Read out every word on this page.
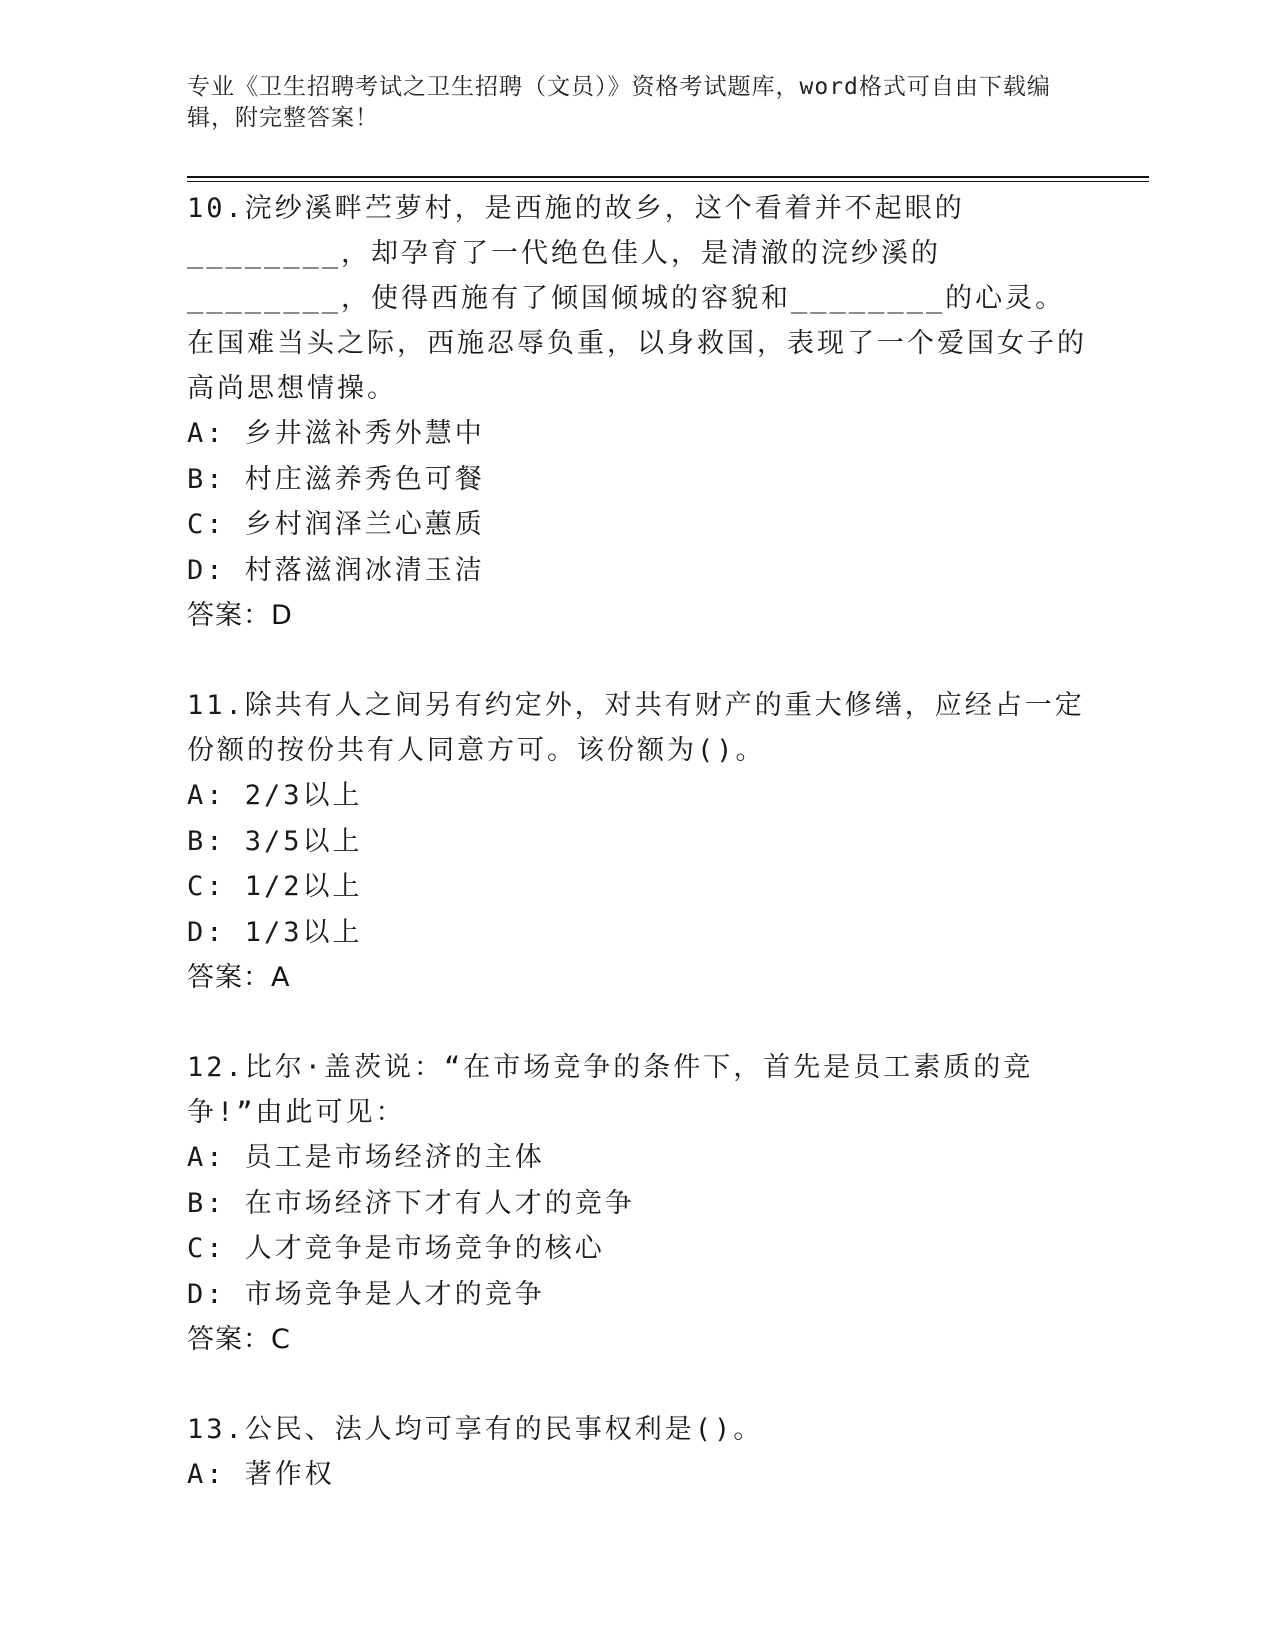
专业《卫生招聘考试之卫生招聘（文员）》资格考试题库，word格式可自由下载编辑，附完整答案！
10.浣纱溪畔苎萝村，是西施的故乡，这个看着并不起眼的________，却孕育了一代绝色佳人，是清澈的浣纱溪的________，使得西施有了倾国倾城的容貌和________的心灵。在国难当头之际，西施忍辱负重，以身救国，表现了一个爱国女子的高尚思想情操。
A: 乡井滋补秀外慧中
B: 村庄滋养秀色可餐
C: 乡村润泽兰心蕙质
D: 村落滋润冰清玉洁
答案：D
11.除共有人之间另有约定外，对共有财产的重大修缮，应经占一定份额的按份共有人同意方可。该份额为()。
A: 2/3以上
B: 3/5以上
C: 1/2以上
D: 1/3以上
答案：A
12.比尔·盖茨说：“在市场竞争的条件下，首先是员工素质的竞争!”由此可见：
A: 员工是市场经济的主体
B: 在市场经济下才有人才的竞争
C: 人才竞争是市场竞争的核心
D: 市场竞争是人才的竞争
答案：C
13.公民、法人均可享有的民事权利是()。
A: 著作权
